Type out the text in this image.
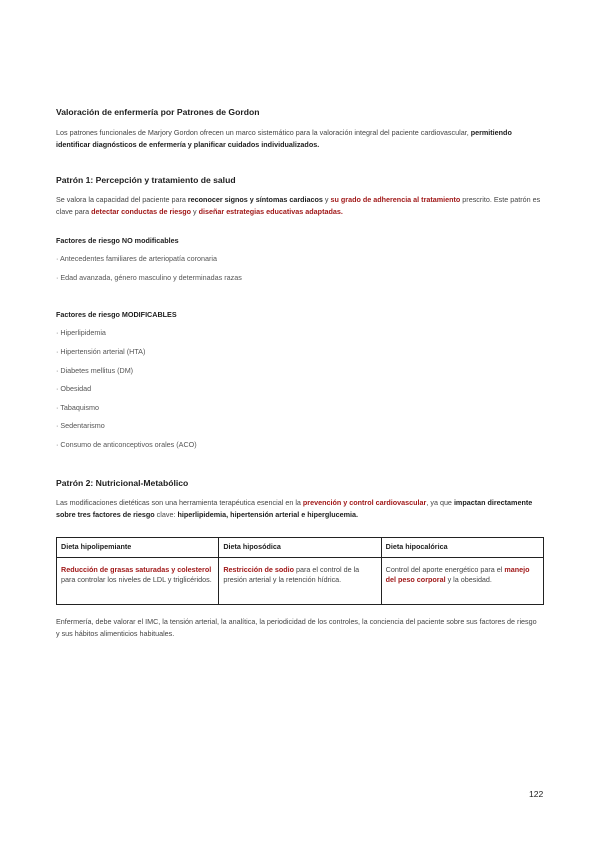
Valoración de enfermería por Patrones de Gordon
Los patrones funcionales de Marjory Gordon ofrecen un marco sistemático para la valoración integral del paciente cardiovascular, permitiendo identificar diagnósticos de enfermería y planificar cuidados individualizados.
Patrón 1: Percepción y tratamiento de salud
Se valora la capacidad del paciente para reconocer signos y síntomas cardiacos y su grado de adherencia al tratamiento prescrito. Este patrón es clave para detectar conductas de riesgo y diseñar estrategias educativas adaptadas.
Factores de riesgo NO modificables
· Antecedentes familiares de arteriopatía coronaria
· Edad avanzada, género masculino y determinadas razas
Factores de riesgo MODIFICABLES
· Hiperlipidemia
· Hipertensión arterial (HTA)
· Diabetes mellitus (DM)
· Obesidad
· Tabaquismo
· Sedentarismo
· Consumo de anticonceptivos orales (ACO)
Patrón 2: Nutricional-Metabólico
Las modificaciones dietéticas son una herramienta terapéutica esencial en la prevención y control cardiovascular, ya que impactan directamente sobre tres factores de riesgo clave: hiperlipidemia, hipertensión arterial e hiperglucemia.
Dieta hipolipemiante	Dieta hiposódica	Dieta hipocalórica
Reducción de grasas saturadas y colesterol para controlar los niveles de LDL y triglicéridos.	Restricción de sodio para el control de la presión arterial y la retención hídrica.	Control del aporte energético para el manejo del peso corporal y la obesidad.
Enfermería, debe valorar el IMC, la tensión arterial, la analítica, la periodicidad de los controles, la conciencia del paciente sobre sus factores de riesgo y sus hábitos alimenticios habituales.
122
